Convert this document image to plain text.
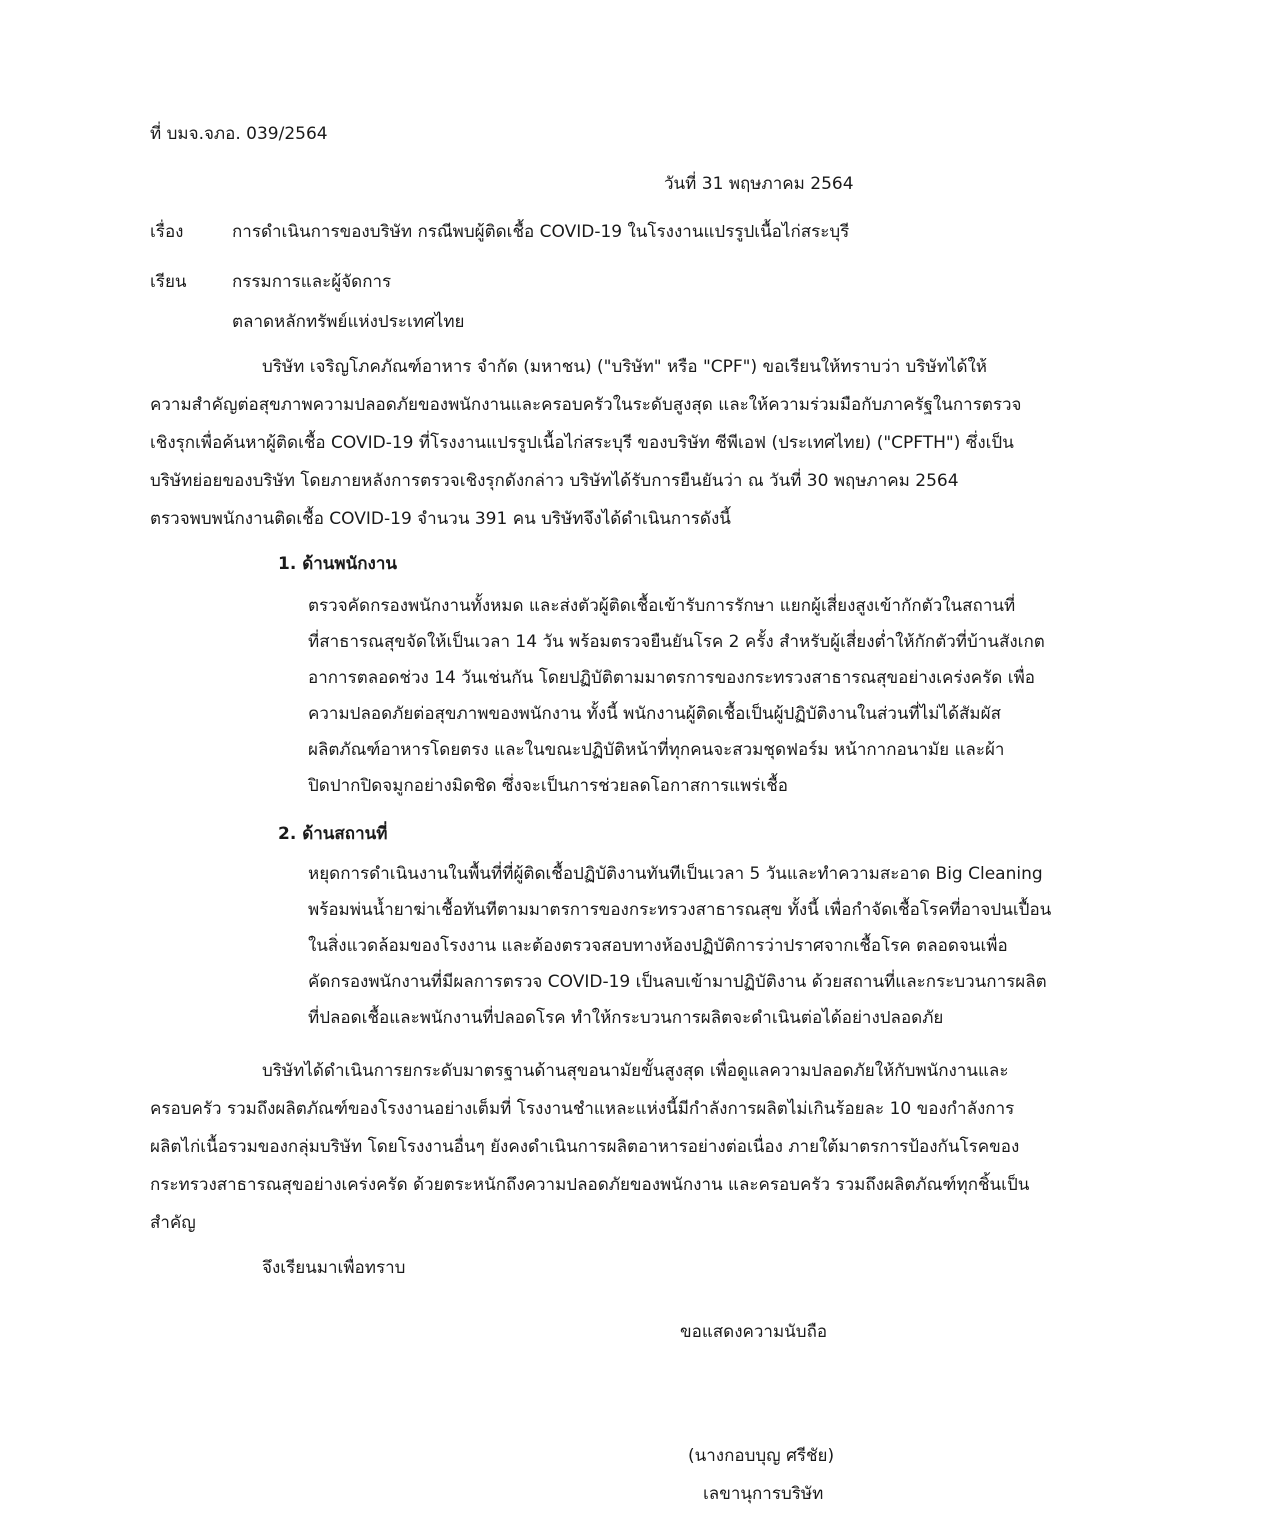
ที่ บมจ.จภอ. 039/2564
วันที่ 31 พฤษภาคม 2564
เรื่อง	การดำเนินการของบริษัท กรณีพบผู้ติดเชื้อ COVID-19 ในโรงงานแปรรูปเนื้อไก่สระบุรี
เรียน	กรรมการและผู้จัดการ
ตลาดหลักทรัพย์แห่งประเทศไทย
บริษัท เจริญโภคภัณฑ์อาหาร จำกัด (มหาชน) ("บริษัท" หรือ "CPF") ขอเรียนให้ทราบว่า บริษัทได้ให้
ความสำคัญต่อสุขภาพความปลอดภัยของพนักงานและครอบครัวในระดับสูงสุด และให้ความร่วมมือกับภาครัฐในการตรวจ
เชิงรุกเพื่อค้นหาผู้ติดเชื้อ COVID-19 ที่โรงงานแปรรูปเนื้อไก่สระบุรี ของบริษัท ซีพีเอฟ (ประเทศไทย) ("CPFTH") ซึ่งเป็น
บริษัทย่อยของบริษัท โดยภายหลังการตรวจเชิงรุกดังกล่าว บริษัทได้รับการยืนยันว่า ณ วันที่ 30 พฤษภาคม 2564
ตรวจพบพนักงานติดเชื้อ COVID-19 จำนวน 391 คน บริษัทจึงได้ดำเนินการดังนี้
1. ด้านพนักงาน
ตรวจคัดกรองพนักงานทั้งหมด และส่งตัวผู้ติดเชื้อเข้ารับการรักษา แยกผู้เสี่ยงสูงเข้ากักตัวในสถานที่
ที่สาธารณสุขจัดให้เป็นเวลา 14 วัน พร้อมตรวจยืนยันโรค 2 ครั้ง สำหรับผู้เสี่ยงต่ำให้กักตัวที่บ้านสังเกต
อาการตลอดช่วง 14 วันเช่นกัน โดยปฏิบัติตามมาตรการของกระทรวงสาธารณสุขอย่างเคร่งครัด เพื่อ
ความปลอดภัยต่อสุขภาพของพนักงาน ทั้งนี้ พนักงานผู้ติดเชื้อเป็นผู้ปฏิบัติงานในส่วนที่ไม่ได้สัมผัส
ผลิตภัณฑ์อาหารโดยตรง และในขณะปฏิบัติหน้าที่ทุกคนจะสวมชุดฟอร์ม หน้ากากอนามัย และผ้า
ปิดปากปิดจมูกอย่างมิดชิด ซึ่งจะเป็นการช่วยลดโอกาสการแพร่เชื้อ
2. ด้านสถานที่
หยุดการดำเนินงานในพื้นที่ที่ผู้ติดเชื้อปฏิบัติงานทันทีเป็นเวลา 5 วันและทำความสะอาด Big Cleaning
พร้อมพ่นน้ำยาฆ่าเชื้อทันทีตามมาตรการของกระทรวงสาธารณสุข ทั้งนี้ เพื่อกำจัดเชื้อโรคที่อาจปนเปื้อน
ในสิ่งแวดล้อมของโรงงาน และต้องตรวจสอบทางห้องปฏิบัติการว่าปราศจากเชื้อโรค ตลอดจนเพื่อ
คัดกรองพนักงานที่มีผลการตรวจ COVID-19 เป็นลบเข้ามาปฏิบัติงาน ด้วยสถานที่และกระบวนการผลิต
ที่ปลอดเชื้อและพนักงานที่ปลอดโรค ทำให้กระบวนการผลิตจะดำเนินต่อได้อย่างปลอดภัย
บริษัทได้ดำเนินการยกระดับมาตรฐานด้านสุขอนามัยขั้นสูงสุด เพื่อดูแลความปลอดภัยให้กับพนักงานและ
ครอบครัว รวมถึงผลิตภัณฑ์ของโรงงานอย่างเต็มที่ โรงงานชำแหละแห่งนี้มีกำลังการผลิตไม่เกินร้อยละ 10 ของกำลังการ
ผลิตไก่เนื้อรวมของกลุ่มบริษัท โดยโรงงานอื่นๆ ยังคงดำเนินการผลิตอาหารอย่างต่อเนื่อง ภายใต้มาตรการป้องกันโรคของ
กระทรวงสาธารณสุขอย่างเคร่งครัด ด้วยตระหนักถึงความปลอดภัยของพนักงาน และครอบครัว รวมถึงผลิตภัณฑ์ทุกชิ้นเป็น
สำคัญ
จึงเรียนมาเพื่อทราบ
ขอแสดงความนับถือ
(นางกอบบุญ ศรีชัย)
เลขานุการบริษัท
